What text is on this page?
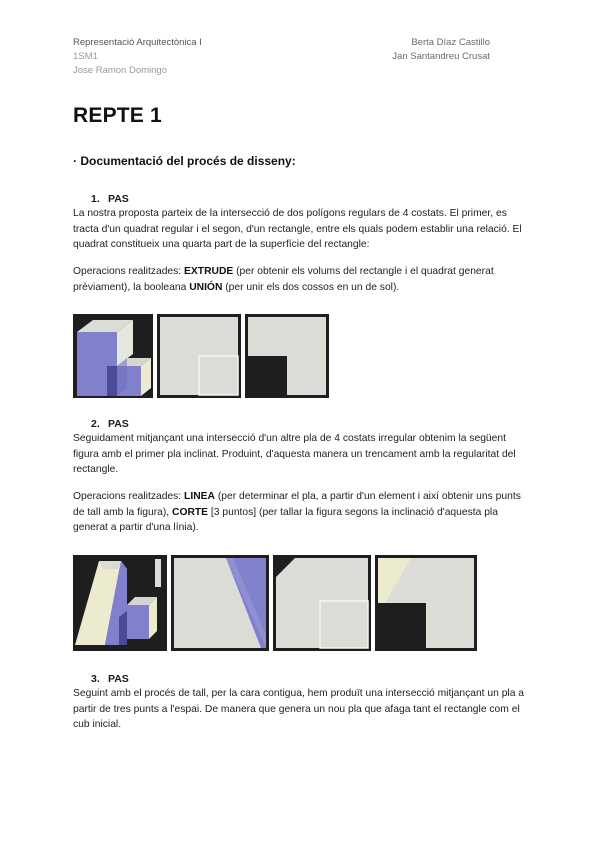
Representació Arquitectònica I
1SM1
Jose Ramon Domingo
Berta Díaz Castillo
Jan Santandreu Crusat
REPTE 1

· Documentació del procés de disseny:

1. PAS

La nostra proposta parteix de la intersecció de dos polígons regulars de 4 costats. El primer, es tracta d'un quadrat regular i el segon, d'un rectangle, entre els quals podem establir una relació. El quadrat constitueix una quarta part de la superfície del rectangle:

Operacions realitzades: EXTRUDE (per obtenir els volums del rectangle i el quadrat generat prèviament), la booleana UNIÓN (per unir els dos cossos en un de sol).

2. PAS

Seguidament mitjançant una intersecció d'un altre pla de 4 costats irregular obtenim la següent figura amb el primer pla inclinat. Produint, d'aquesta manera un trencament amb la regularitat del rectangle.

Operacions realitzades: LINEA (per determinar el pla, a partir d'un element i així obtenir uns punts de tall amb la figura), CORTE [3 puntos] (per tallar la figura segons la inclinació d'aquesta pla generat a partir d'una línia).

3. PAS

Seguint amb el procés de tall, per la cara contigua, hem produït una intersecció mitjançant un pla a partir de tres punts a l'espai. De manera que genera un nou pla que afaga tant el rectangle com el cub inicial.
